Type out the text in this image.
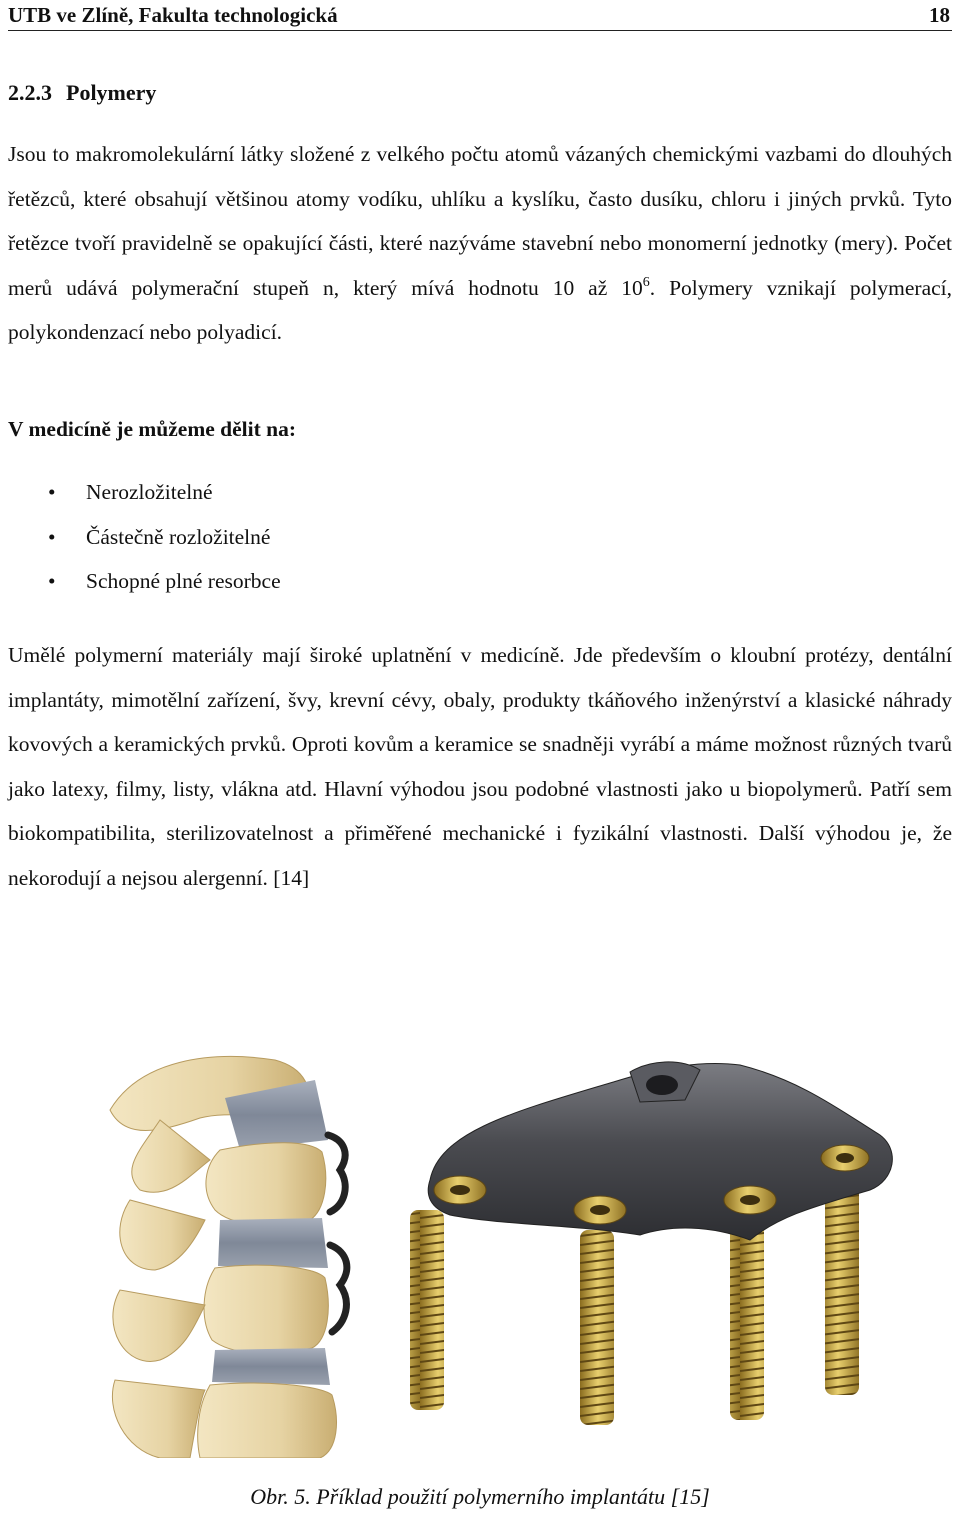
UTB ve Zlíně, Fakulta technologická	18
2.2.3 Polymery

Jsou to makromolekulární látky složené z velkého počtu atomů vázaných chemickými vazbami do dlouhých řetězců, které obsahují většinou atomy vodíku, uhlíku a kyslíku, často dusíku, chloru i jiných prvků. Tyto řetězce tvoří pravidelně se opakující části, které nazýváme stavební nebo monomerní jednotky (mery). Počet merů udává polymerační stupeň n, který mívá hodnotu 10 až $10^6$. Polymery vznikají polymerací, polykondenzací nebo polyadicí.

V medicíně je můžeme dělit na:
•	Nerozložitelné
•	Částečně rozložitelné
•	Schopné plné resorbce

Umělé polymerní materiály mají široké uplatnění v medicíně. Jde především o kloubní protézy, dentální implantáty, mimotělní zařízení, švy, krevní cévy, obaly, produkty tkáňového inženýrství a klasické náhrady kovových a keramických prvků. Oproti kovům a keramice se snadněji vyrábí a máme možnost různých tvarů jako latexy, filmy, listy, vlákna atd. Hlavní výhodou jsou podobné vlastnosti jako u biopolymerů. Patří sem biokompatibilita, sterilizovatelnost a přiměřené mechanické i fyzikální vlastnosti. Další výhodou je, že nekorodují a nejsou alergenní. [14]

Obr. 5. Příklad použití polymerního implantátu [15]
